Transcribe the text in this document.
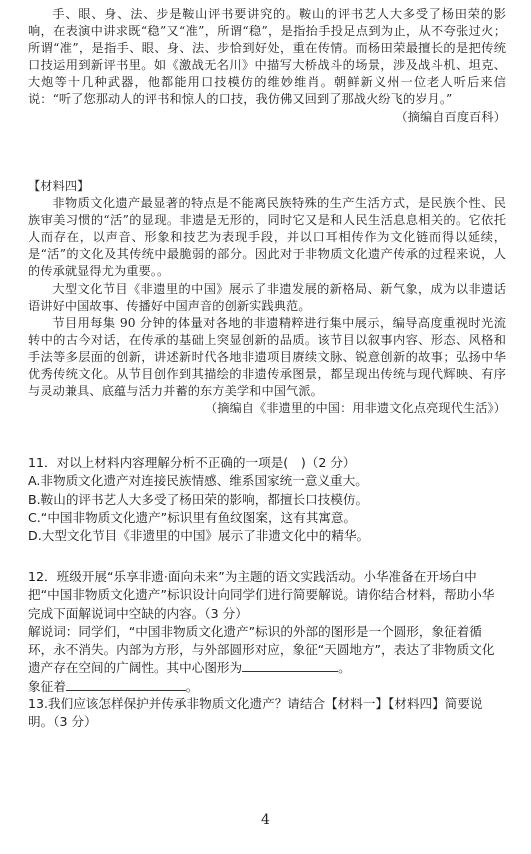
手、眼、身、法、步是鞍山评书要讲究的。鞍山的评书艺人大多受了杨田荣的影响，在表演中讲求既“稳”又“准”，所谓“稳”，是指抬手投足点到为止，从不夸张过火；所谓“准”，是指手、眼、身、法、步恰到好处，重在传情。而杨田荣最擅长的是把传统口技运用到新评书里。如《激战无名川》中描写大桥战斗的场景，涉及战斗机、坦克、大炮等十几种武器，他都能用口技模仿的维妙维肖。朝鲜新义州一位老人听后来信说：“听了您那动人的评书和惊人的口技，我仿佛又回到了那战火纷飞的岁月。”

（摘编自百度百科）

【材料四】

非物质文化遗产最显著的特点是不能离民族特殊的生产生活方式，是民族个性、民族审美习惯的“活”的显现。非遗是无形的，同时它又是和人民生活息息相关的。它依托人而存在，以声音、形象和技艺为表现手段，并以口耳相传作为文化链而得以延续，是“活”的文化及其传统中最脆弱的部分。因此对于非物质文化遗产传承的过程来说，人的传承就显得尤为重要。。

大型文化节目《非遗里的中国》展示了非遗发展的新格局、新气象，成为以非遗话语讲好中国故事、传播好中国声音的创新实践典范。

节目用每集 90 分钟的体量对各地的非遗精粹进行集中展示，编导高度重视时光流转中的古今对话，在传承的基础上突显创新的品质。该节目以叙事内容、形态、风格和手法等多层面的创新，讲述新时代各地非遗项目赓续文脉、锐意创新的故事；弘扬中华优秀传统文化。从节目创作到其描绘的非遗传承图景，都呈现出传统与现代辉映、有序与灵动兼具、底蕴与活力并蓄的东方美学和中国气派。

（摘编自《非遗里的中国：用非遗文化点亮现代生活》）

11．对以上材料内容理解分析不正确的一项是(　)（2 分）

A.非物质文化遗产对连接民族情感、维系国家统一意义重大。

B.鞍山的评书艺人大多受了杨田荣的影响，都擅长口技模仿。

C.“中国非物质文化遗产”标识里有鱼纹图案，这有其寓意。

D.大型文化节目《非遗里的中国》展示了非遗文化中的精华。

12．班级开展“乐享非遗·面向未来”为主题的语文实践活动。小华准备在开场白中把“中国非物质文化遗产”标识设计向同学们进行简要解说。请你结合材料，帮助小华完成下面解说词中空缺的内容。（3 分）

解说词：同学们，“中国非物质文化遗产”标识的外部的图形是一个圆形，象征着循环，永不消失。内部为方形，与外部圆形对应，象征“天圆地方”，表达了非物质文化遗产存在空间的广阔性。其中心图形为	。

象征着	。

13.我们应该怎样保护并传承非物质文化遗产？请结合【材料一】【材料四】简要说明。（3 分）

4
